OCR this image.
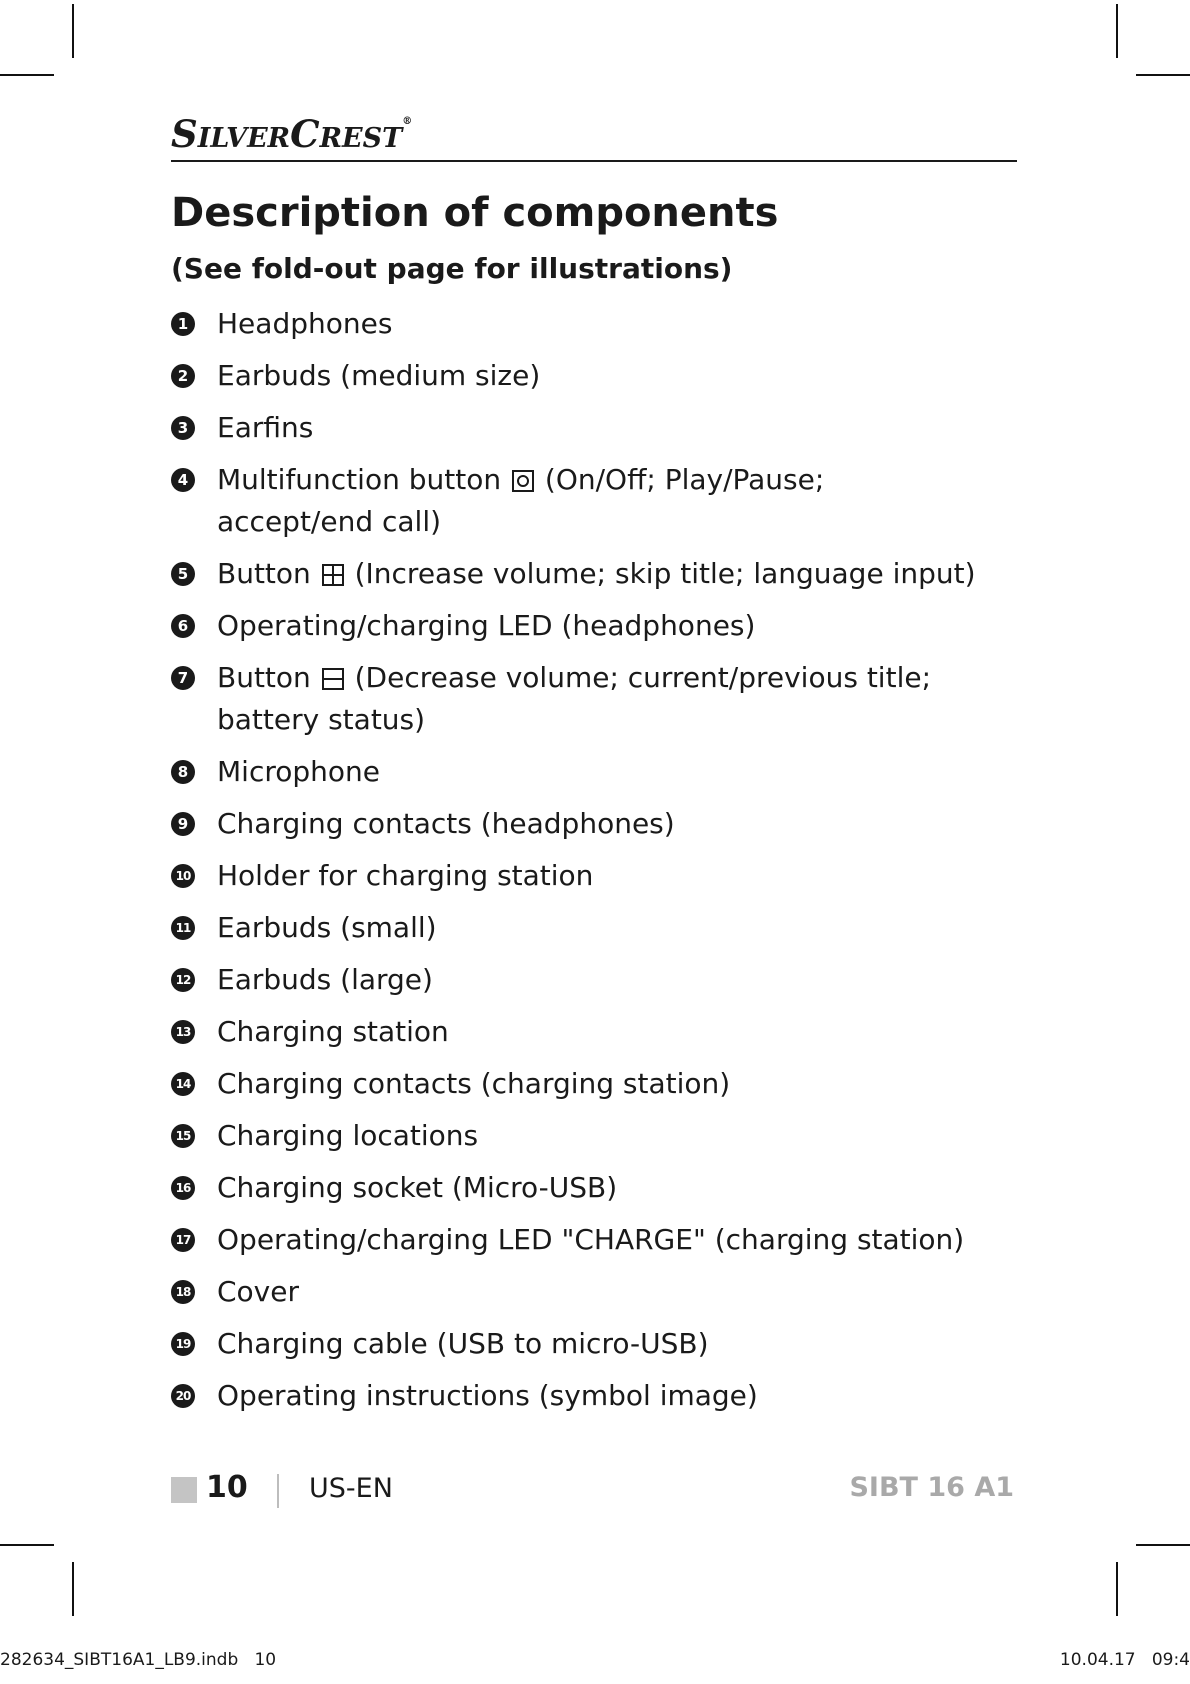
SILVERCREST®
Description of components
(See fold-out page for illustrations)
1 Headphones
2 Earbuds (medium size)
3 Earfins
4 Multifunction button (On/Off; Play/Pause;
accept/end call)
5 Button (Increase volume; skip title; language input)
6 Operating/charging LED (headphones)
7 Button (Decrease volume; current/previous title;
battery status)
8 Microphone
9 Charging contacts (headphones)
10 Holder for charging station
11 Earbuds (small)
12 Earbuds (large)
13 Charging station
14 Charging contacts (charging station)
15 Charging locations
16 Charging socket (Micro-USB)
17 Operating/charging LED "CHARGE" (charging station)
18 Cover
19 Charging cable (USB to micro-USB)
20 Operating instructions (symbol image)
10 US-EN	SIBT 16 A1
282634_SIBT16A1_LB9.indb   10	10.04.17   09:4
